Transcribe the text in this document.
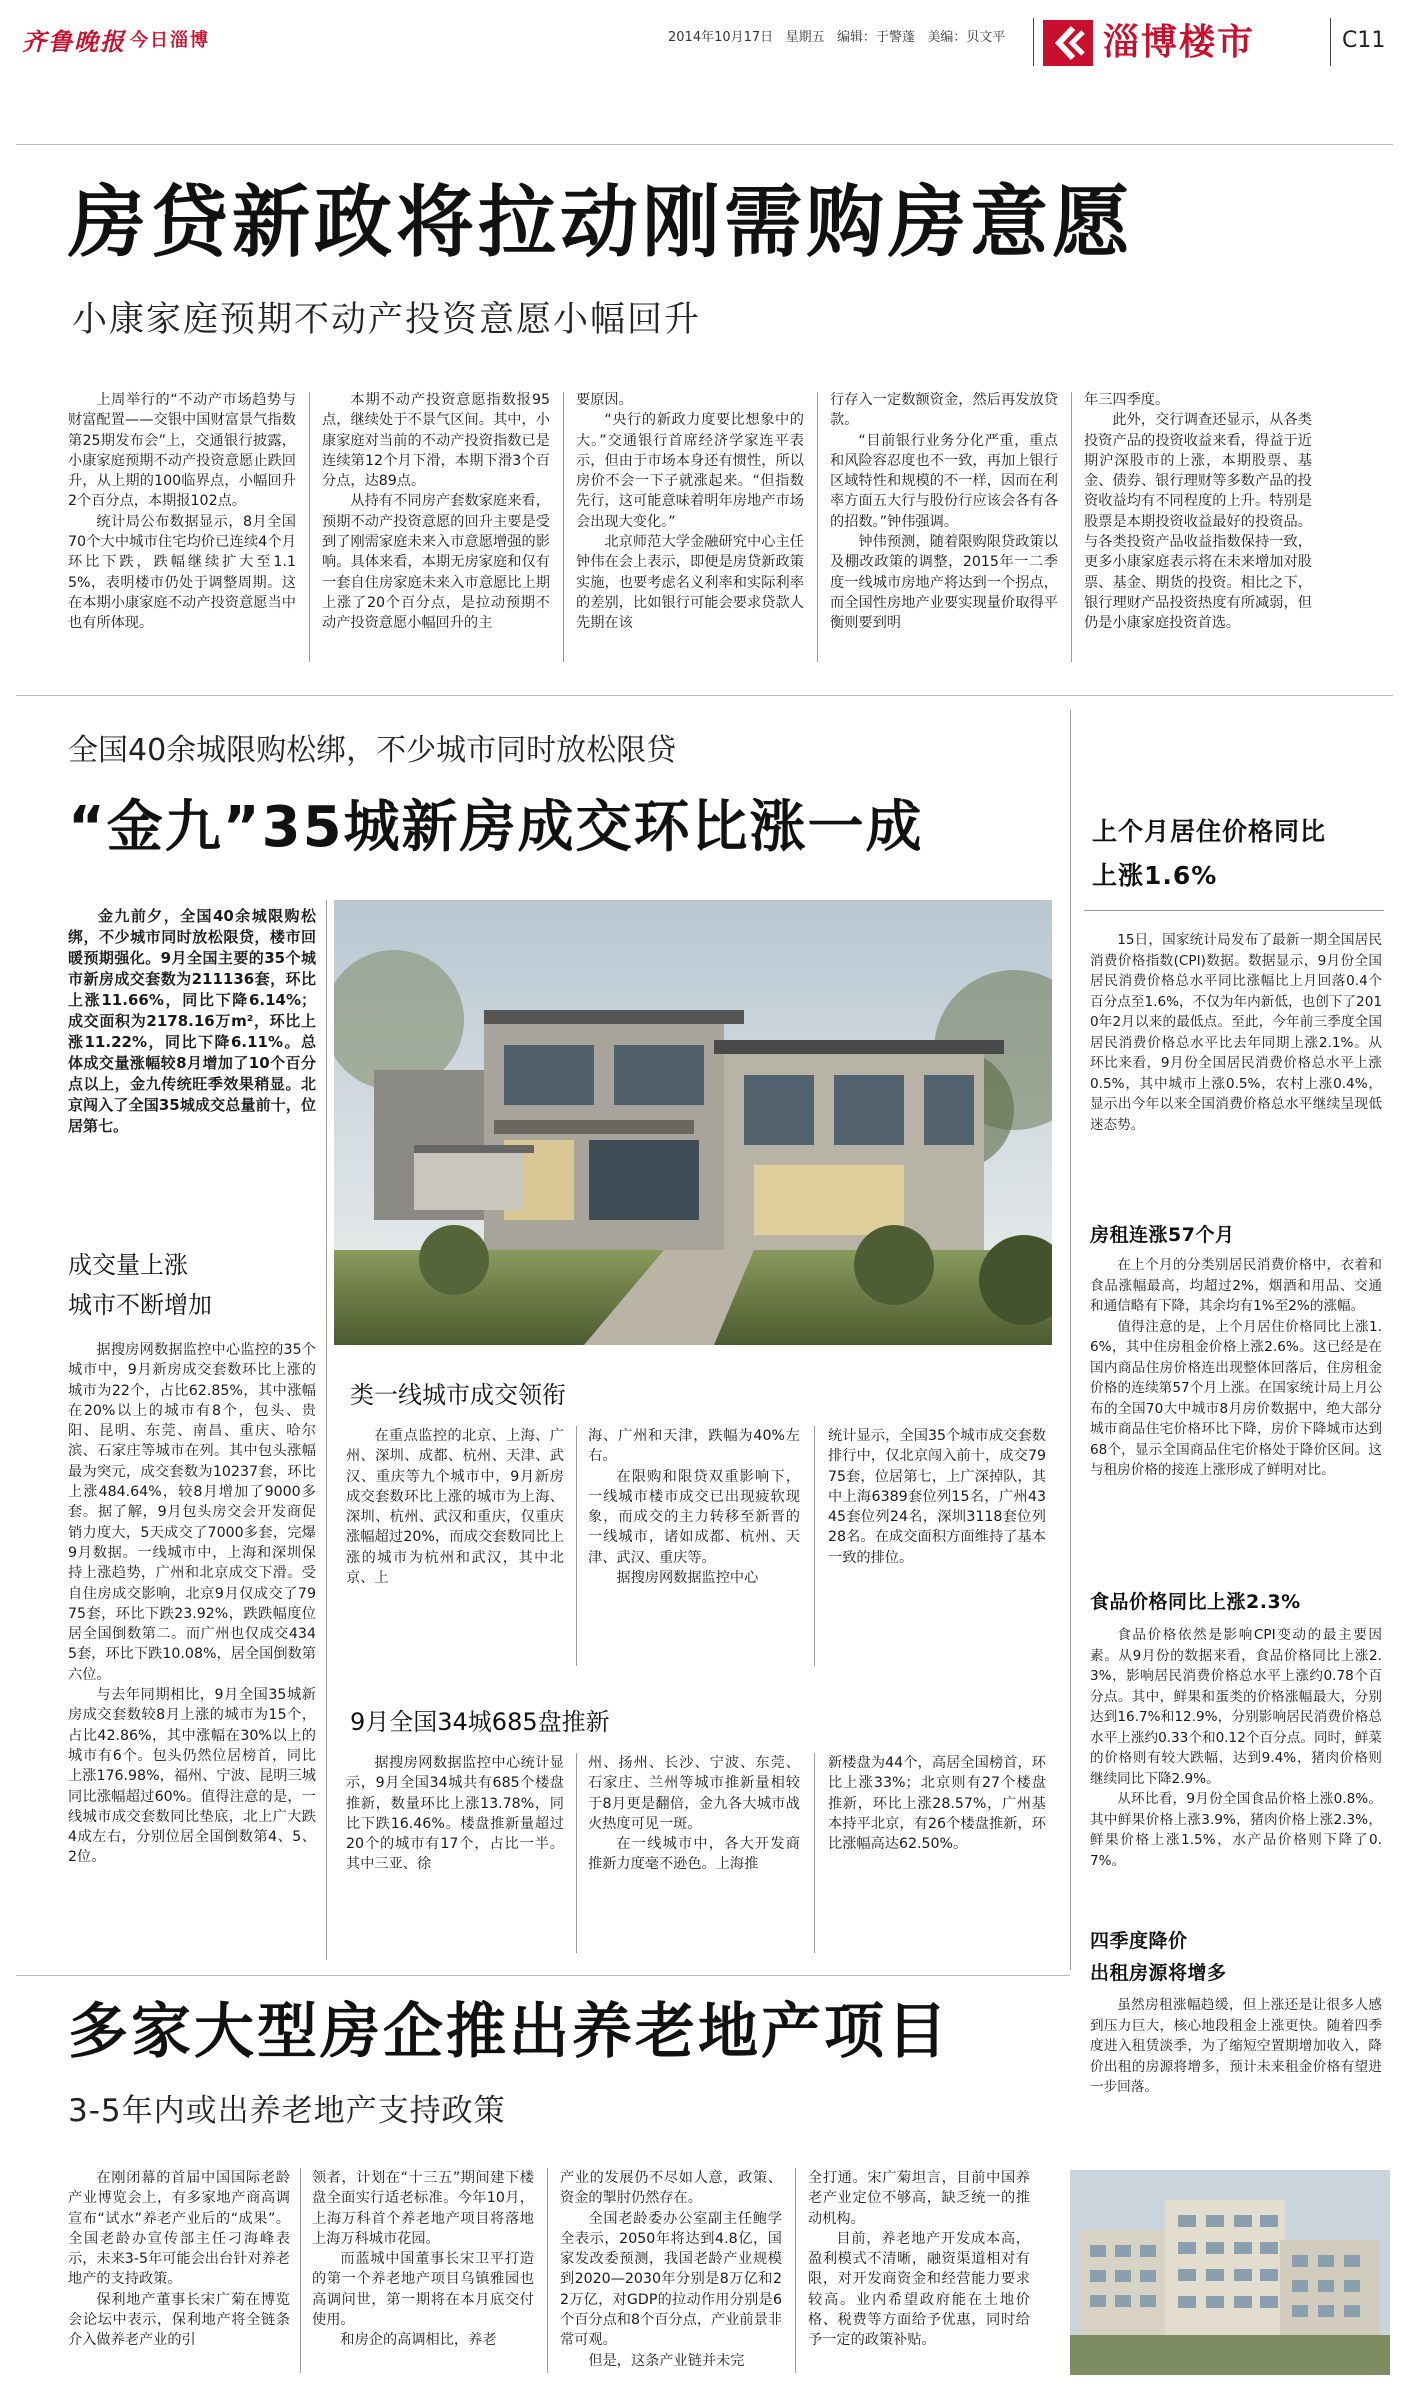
齐鲁晚报 今日淄博	2014年10月17日 星期五 编辑：于警蓬 美编：贝文平	淄博楼市	C11
房贷新政将拉动刚需购房意愿
小康家庭预期不动产投资意愿小幅回升

上周举行的“不动产市场趋势与财富配置——交银中国财富景气指数第25期发布会”上，交通银行披露，小康家庭预期不动产投资意愿止跌回升，从上期的100临界点，小幅回升2个百分点，本期报102点。

统计局公布数据显示，8月全国70个大中城市住宅均价已连续4个月环比下跌，跌幅继续扩大至1.15%，表明楼市仍处于调整周期。这在本期小康家庭不动产投资意愿当中也有所体现。

本期不动产投资意愿指数报95点，继续处于不景气区间。其中，小康家庭对当前的不动产投资指数已是连续第12个月下滑，本期下滑3个百分点，达89点。

从持有不同房产套数家庭来看，预期不动产投资意愿的回升主要是受到了刚需家庭未来入市意愿增强的影响。具体来看，本期无房家庭和仅有一套自住房家庭未来入市意愿比上期上涨了20个百分点，是拉动预期不动产投资意愿小幅回升的主

要原因。

“央行的新政力度要比想象中的大。”交通银行首席经济学家连平表示，但由于市场本身还有惯性，所以房价不会一下子就涨起来。“但指数先行，这可能意味着明年房地产市场会出现大变化。”

北京师范大学金融研究中心主任钟伟在会上表示，即便是房贷新政策实施，也要考虑名义利率和实际利率的差别，比如银行可能会要求贷款人先期在该

行存入一定数额资金，然后再发放贷款。

“目前银行业务分化严重，重点和风险容忍度也不一致，再加上银行区域特性和规模的不一样，因而在利率方面五大行与股份行应该会各有各的招数。”钟伟强调。

钟伟预测，随着限购限贷政策以及棚改政策的调整，2015年一二季度一线城市房地产将达到一个拐点，而全国性房地产业要实现量价取得平衡则要到明

年三四季度。

此外，交行调查还显示，从各类投资产品的投资收益来看，得益于近期沪深股市的上涨，本期股票、基金、债券、银行理财等多数产品的投资收益均有不同程度的上升。特别是股票是本期投资收益最好的投资品。与各类投资产品收益指数保持一致，更多小康家庭表示将在未来增加对股票、基金、期货的投资。相比之下，银行理财产品投资热度有所减弱，但仍是小康家庭投资首选。

全国40余城限购松绑，不少城市同时放松限贷
“金九”35城新房成交环比涨一成
金九前夕，全国40余城限购松绑，不少城市同时放松限贷，楼市回暖预期强化。9月全国主要的35个城市新房成交套数为211136套，环比上涨11.66%，同比下降6.14%；成交面积为2178.16万m²，环比上涨11.22%，同比下降6.11%。总体成交量涨幅较8月增加了10个百分点以上，金九传统旺季效果稍显。北京闯入了全国35城成交总量前十，位居第七。
成交量上涨
城市不断增加

据搜房网数据监控中心监控的35个城市中，9月新房成交套数环比上涨的城市为22个，占比62.85%，其中涨幅在20%以上的城市有8个，包头、贵阳、昆明、东莞、南昌、重庆、哈尔滨、石家庄等城市在列。其中包头涨幅最为突元，成交套数为10237套，环比上涨484.64%，较8月增加了9000多套。据了解，9月包头房交会开发商促销力度大，5天成交了7000多套，完爆9月数据。一线城市中，上海和深圳保持上涨趋势，广州和北京成交下滑。受自住房成交影响，北京9月仅成交了7975套，环比下跌23.92%，跌跌幅度位居全国倒数第二。而广州也仅成交4345套，环比下跌10.08%，居全国倒数第六位。

与去年同期相比，9月全国35城新房成交套数较8月上涨的城市为15个，占比42.86%，其中涨幅在30%以上的城市有6个。包头仍然位居榜首，同比上涨176.98%，福州、宁波、昆明三城同比涨幅超过60%。值得注意的是，一线城市成交套数同比垫底，北上广大跌4成左右，分别位居全国倒数第4、5、2位。

类一线城市成交领衔

在重点监控的北京、上海、广州、深圳、成都、杭州、天津、武汉、重庆等九个城市中，9月新房成交套数环比上涨的城市为上海、深圳、杭州、武汉和重庆，仅重庆涨幅超过20%，而成交套数同比上涨的城市为杭州和武汉，其中北京、上

海、广州和天津，跌幅为40%左右。

在限购和限贷双重影响下，一线城市楼市成交已出现疲软现象，而成交的主力转移至新晋的一线城市，诸如成都、杭州、天津、武汉、重庆等。

据搜房网数据监控中心

统计显示，全国35个城市成交套数排行中，仅北京闯入前十，成交7975套，位居第七，上广深掉队，其中上海6389套位列15名，广州4345套位列24名，深圳3118套位列28名。在成交面积方面维持了基本一致的排位。

9月全国34城685盘推新

据搜房网数据监控中心统计显示，9月全国34城共有685个楼盘推新，数量环比上涨13.78%，同比下跌16.46%。楼盘推新量超过20个的城市有17个，占比一半。其中三亚、徐

州、扬州、长沙、宁波、东莞、石家庄、兰州等城市推新量相较于8月更是翻倍，金九各大城市战火热度可见一斑。

在一线城市中，各大开发商推新力度毫不逊色。上海推

新楼盘为44个，高居全国榜首，环比上涨33%；北京则有27个楼盘推新，环比上涨28.57%，广州基本持平北京，有26个楼盘推新，环比涨幅高达62.50%。

上个月居住价格同比上涨1.6%

15日，国家统计局发布了最新一期全国居民消费价格指数(CPI)数据。数据显示，9月份全国居民消费价格总水平同比涨幅比上月回落0.4个百分点至1.6%，不仅为年内新低，也创下了2010年2月以来的最低点。至此，今年前三季度全国居民消费价格总水平比去年同期上涨2.1%。从环比来看，9月份全国居民消费价格总水平上涨0.5%，其中城市上涨0.5%，农村上涨0.4%，显示出今年以来全国消费价格总水平继续呈现低迷态势。

房租连涨57个月

在上个月的分类别居民消费价格中，衣着和食品涨幅最高，均超过2%，烟酒和用品、交通和通信略有下降，其余均有1%至2%的涨幅。

值得注意的是，上个月居住价格同比上涨1.6%，其中住房租金价格上涨2.6%。这已经是在国内商品住房价格连出现整体回落后，住房租金价格的连续第57个月上涨。在国家统计局上月公布的全国70大中城市8月房价数据中，绝大部分城市商品住宅价格环比下降，房价下降城市达到68个，显示全国商品住宅价格处于降价区间。这与租房价格的接连上涨形成了鲜明对比。

食品价格同比上涨2.3%

食品价格依然是影响CPI变动的最主要因素。从9月份的数据来看，食品价格同比上涨2.3%，影响居民消费价格总水平上涨约0.78个百分点。其中，鲜果和蛋类的价格涨幅最大，分别达到16.7%和12.9%，分别影响居民消费价格总水平上涨约0.33个和0.12个百分点。同时，鲜菜的价格则有较大跌幅，达到9.4%，猪肉价格则继续同比下降2.9%。

从环比看，9月份全国食品价格上涨0.8%。其中鲜果价格上涨3.9%，猪肉价格上涨2.3%，鲜果价格上涨1.5%，水产品价格则下降了0.7%。

四季度降价
出租房源将增多

虽然房租涨幅趋缓，但上涨还是让很多人感到压力巨大，核心地段租金上涨更快。随着四季度进入租赁淡季，为了缩短空置期增加收入，降价出租的房源将增多，预计未来租金价格有望进一步回落。

多家大型房企推出养老地产项目
3-5年内或出养老地产支持政策

在刚闭幕的首届中国国际老龄产业博览会上，有多家地产商高调宣布“试水”养老产业后的“成果”。全国老龄办宣传部主任刁海峰表示，未来3-5年可能会出台针对养老地产的支持政策。

保利地产董事长宋广菊在博览会论坛中表示，保利地产将全链条介入做养老产业的引

领者，计划在“十三五”期间建下楼盘全面实行适老标准。今年10月，上海万科首个养老地产项目将落地上海万科城市花园。

而蓝城中国董事长宋卫平打造的第一个养老地产项目乌镇雅园也高调问世，第一期将在本月底交付使用。

和房企的高调相比，养老

产业的发展仍不尽如人意，政策、资金的掣肘仍然存在。

全国老龄委办公室副主任鲍学全表示，2050年将达到4.8亿，国家发改委预测，我国老龄产业规模到2020—2030年分别是8万亿和22万亿，对GDP的拉动作用分别是6个百分点和8个百分点，产业前景非常可观。

但是，这条产业链并未完

全打通。宋广菊坦言，目前中国养老产业定位不够高，缺乏统一的推动机构。

目前，养老地产开发成本高，盈利模式不清晰，融资渠道相对有限，对开发商资金和经营能力要求较高。业内希望政府能在土地价格、税费等方面给予优惠，同时给予一定的政策补贴。
